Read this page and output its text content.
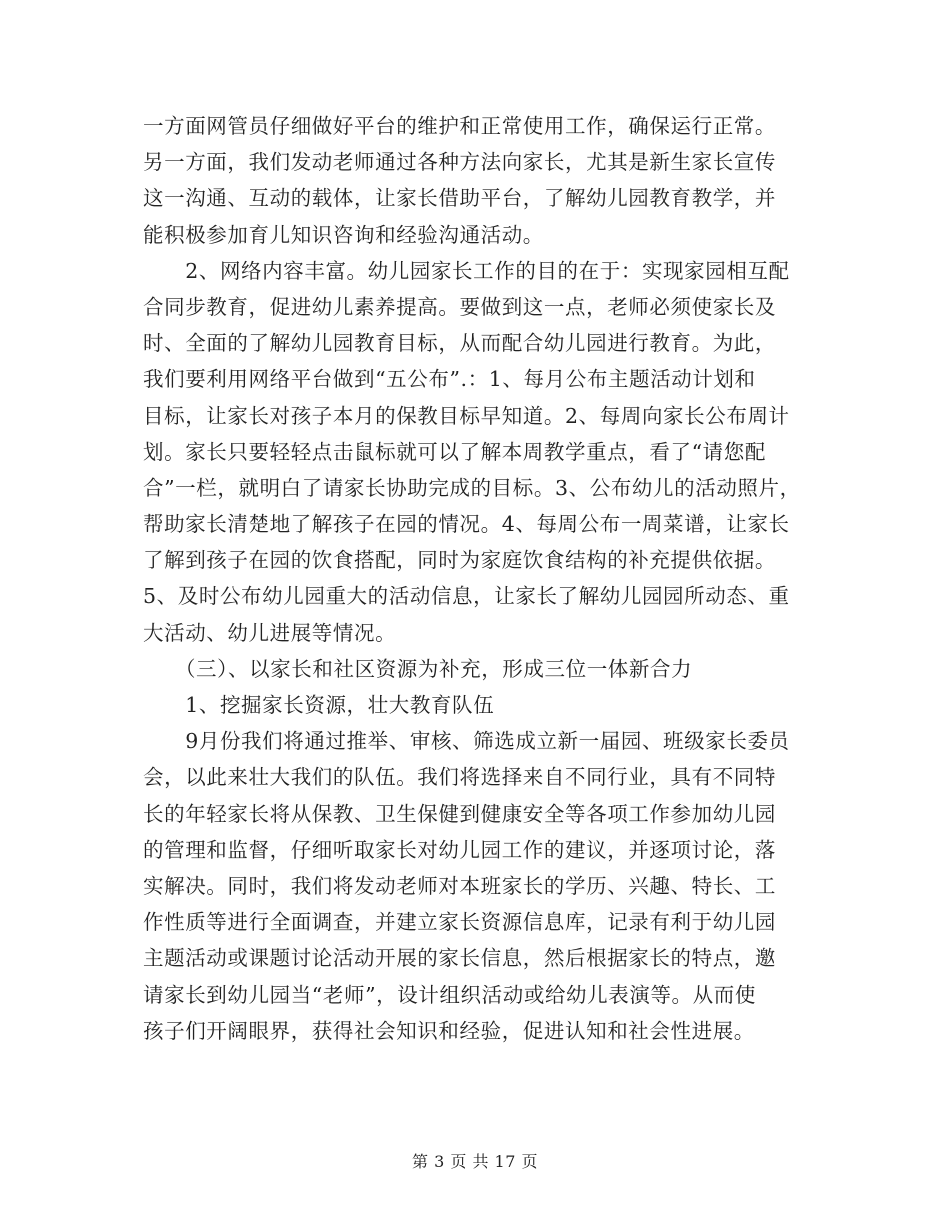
一方面网管员仔细做好平台的维护和正常使用工作，确保运行正常。
另一方面，我们发动老师通过各种方法向家长，尤其是新生家长宣传
这一沟通、互动的载体，让家长借助平台，了解幼儿园教育教学，并
能积极参加育儿知识咨询和经验沟通活动。
　　2、网络内容丰富。幼儿园家长工作的目的在于：实现家园相互配
合同步教育，促进幼儿素养提高。要做到这一点，老师必须使家长及
时、全面的了解幼儿园教育目标，从而配合幼儿园进行教育。为此，
我们要利用网络平台做到“五公布”.：1、每月公布主题活动计划和
目标，让家长对孩子本月的保教目标早知道。2、每周向家长公布周计
划。家长只要轻轻点击鼠标就可以了解本周教学重点，看了“请您配
合”一栏，就明白了请家长协助完成的目标。3、公布幼儿的活动照片，
帮助家长清楚地了解孩子在园的情况。4、每周公布一周菜谱，让家长
了解到孩子在园的饮食搭配，同时为家庭饮食结构的补充提供依据。
5、及时公布幼儿园重大的活动信息，让家长了解幼儿园园所动态、重
大活动、幼儿进展等情况。
　　（三）、以家长和社区资源为补充，形成三位一体新合力
　　1、挖掘家长资源，壮大教育队伍
　　9月份我们将通过推举、审核、筛选成立新一届园、班级家长委员
会，以此来壮大我们的队伍。我们将选择来自不同行业，具有不同特
长的年轻家长将从保教、卫生保健到健康安全等各项工作参加幼儿园
的管理和监督，仔细听取家长对幼儿园工作的建议，并逐项讨论，落
实解决。同时，我们将发动老师对本班家长的学历、兴趣、特长、工
作性质等进行全面调查，并建立家长资源信息库，记录有利于幼儿园
主题活动或课题讨论活动开展的家长信息，然后根据家长的特点，邀
请家长到幼儿园当“老师”，设计组织活动或给幼儿表演等。从而使
孩子们开阔眼界，获得社会知识和经验，促进认知和社会性进展。
第 3 页 共 17 页
